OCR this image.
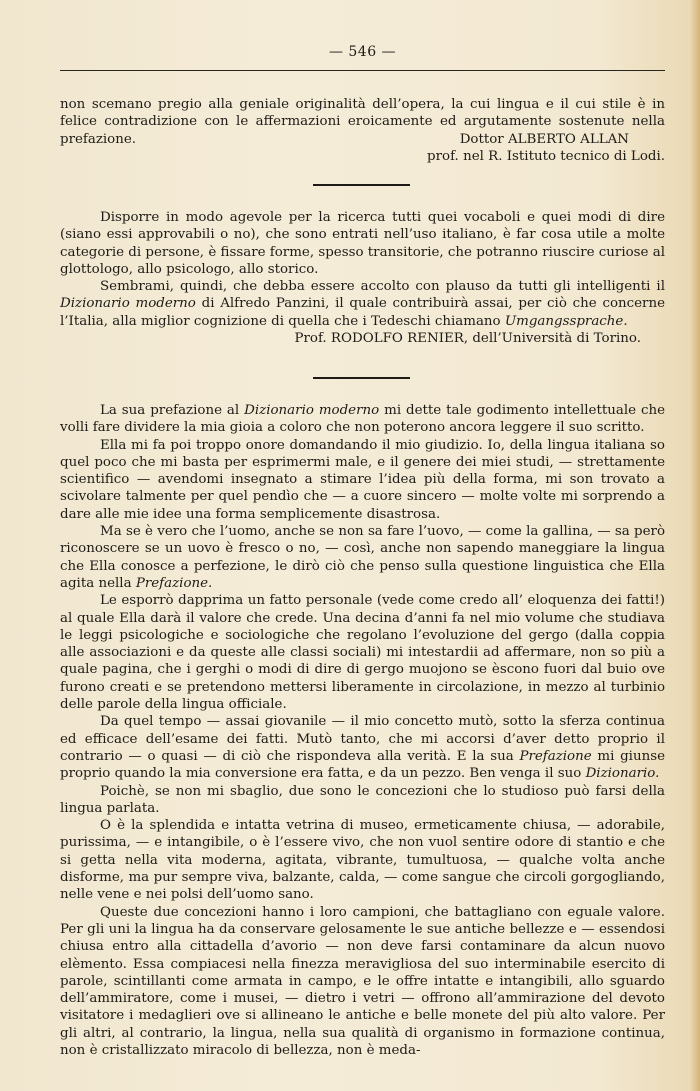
— 546 —

non scemano pregio alla geniale originalità dell’opera, la cui lingua e il cui stile è in felice contradizione con le affermazioni eroicamente ed argutamente sostenute nella prefazione.	Dottor ALBERTO ALLAN

prof. nel R. Istituto tecnico di Lodi.

Disporre in modo agevole per la ricerca tutti quei vocaboli e quei modi di dire (siano essi approvabili o no), che sono entrati nell’uso italiano, è far cosa utile a molte categorie di persone, è fissare forme, spesso transitorie, che potranno riuscire curiose al glottologo, allo psicologo, allo storico.

Sembrami, quindi, che debba essere accolto con plauso da tutti gli intelligenti il Dizionario moderno di Alfredo Panzini, il quale contribuirà assai, per ciò che concerne l’Italia, alla miglior cognizione di quella che i Tedeschi chiamano Umgangssprache.

Prof. RODOLFO RENIER, dell’Università di Torino.

La sua prefazione al Dizionario moderno mi dette tale godimento intellettuale che volli fare dividere la mia gioia a coloro che non poterono ancora leggere il suo scritto.

Ella mi fa poi troppo onore domandando il mio giudizio. Io, della lingua italiana so quel poco che mi basta per esprimermi male, e il genere dei miei studi, — strettamente scientifico — avendomi insegnato a stimare l’idea più della forma, mi son trovato a scivolare talmente per quel pendìo che — a cuore sincero — molte volte mi sorprendo a dare alle mie idee una forma semplicemente disastrosa.

Ma se è vero che l’uomo, anche se non sa fare l’uovo, — come la gallina, — sa però riconoscere se un uovo è fresco o no, — così, anche non sapendo maneggiare la lingua che Ella conosce a perfezione, le dirò ciò che penso sulla questione linguistica che Ella agita nella Prefazione.

Le esporrò dapprima un fatto personale (vede come credo all’ eloquenza dei fatti!) al quale Ella darà il valore che crede. Una decina d’anni fa nel mio volume che studiava le leggi psicologiche e sociologiche che regolano l’evoluzione del gergo (dalla coppia alle associazioni e da queste alle classi sociali) mi intestardii ad affermare, non so più a quale pagina, che i gerghi o modi di dire di gergo muojono se èscono fuori dal buio ove furono creati e se pretendono mettersi liberamente in circolazione, in mezzo al turbinio delle parole della lingua officiale.

Da quel tempo — assai giovanile — il mio concetto mutò, sotto la sferza continua ed efficace dell’esame dei fatti. Mutò tanto, che mi accorsi d’aver detto proprio il contrario — o quasi — di ciò che rispondeva alla verità. E la sua Prefazione mi giunse proprio quando la mia conversione era fatta, e da un pezzo. Ben venga il suo Dizionario.

Poichè, se non mi sbaglio, due sono le concezioni che lo studioso può farsi della lingua parlata.

O è la splendida e intatta vetrina di museo, ermeticamente chiusa, — adorabile, purissima, — e intangibile, o è l’essere vivo, che non vuol sentire odore di stantio e che si getta nella vita moderna, agitata, vibrante, tumultuosa, — qualche volta anche disforme, ma pur sempre viva, balzante, calda, — come sangue che circoli gorgogliando, nelle vene e nei polsi dell’uomo sano.

Queste due concezioni hanno i loro campioni, che battagliano con eguale valore. Per gli uni la lingua ha da conservare gelosamente le sue antiche bellezze e — essendosi chiusa entro alla cittadella d’avorio — non deve farsi contaminare da alcun nuovo elèmento. Essa compiacesi nella finezza meravigliosa del suo interminabile esercito di parole, scintillanti come armata in campo, e le offre intatte e intangibili, allo sguardo dell’ammiratore, come i musei, — dietro i vetri — offrono all’ammirazione del devoto visitatore i medaglieri ove si allineano le antiche e belle monete del più alto valore. Per gli altri, al contrario, la lingua, nella sua qualità di organismo in formazione continua, non è cristallizzato miracolo di bellezza, non è meda-
